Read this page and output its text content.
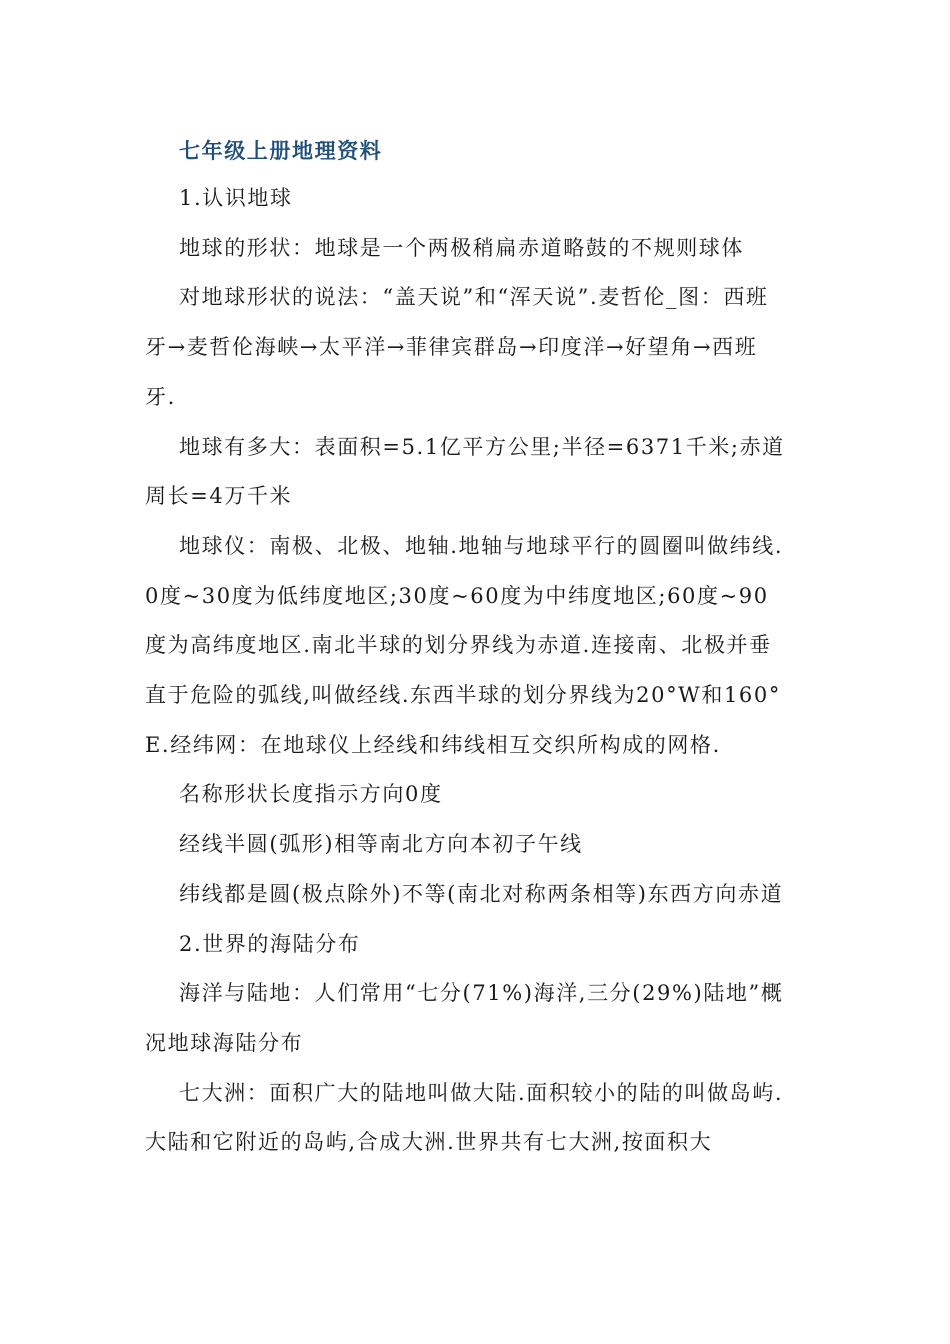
七年级上册地理资料

1.认识地球

地球的形状：地球是一个两极稍扁赤道略鼓的不规则球体

对地球形状的说法：“盖天说”和“浑天说”.麦哲伦_图：西班牙→麦哲伦海峡→太平洋→菲律宾群岛→印度洋→好望角→西班牙.

地球有多大：表面积=5.1亿平方公里;半径=6371千米;赤道周长=4万千米

地球仪：南极、北极、地轴.地轴与地球平行的圆圈叫做纬线.0度~30度为低纬度地区;30度~60度为中纬度地区;60度~90度为高纬度地区.南北半球的划分界线为赤道.连接南、北极并垂直于危险的弧线,叫做经线.东西半球的划分界线为20°W和160°E.经纬网：在地球仪上经线和纬线相互交织所构成的网格.

名称形状长度指示方向0度

经线半圆(弧形)相等南北方向本初子午线

纬线都是圆(极点除外)不等(南北对称两条相等)东西方向赤道

2.世界的海陆分布

海洋与陆地：人们常用“七分(71%)海洋,三分(29%)陆地”概况地球海陆分布

七大洲：面积广大的陆地叫做大陆.面积较小的陆的叫做岛屿.大陆和它附近的岛屿,合成大洲.世界共有七大洲,按面积大
